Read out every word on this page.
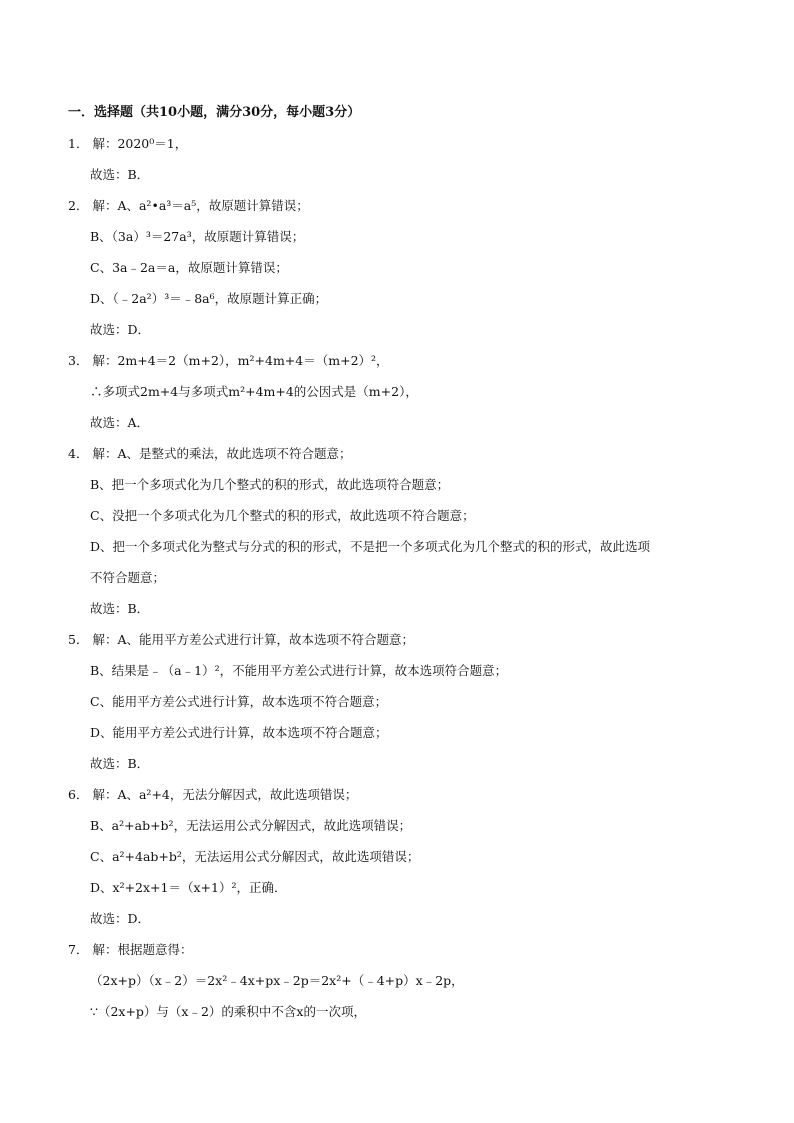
一．选择题（共10小题，满分30分，每小题3分）
1． 解：2020⁰＝1，
故选：B．
2． 解：A、a²•a³＝a⁵，故原题计算错误；
B、（3a）³＝27a³，故原题计算错误；
C、3a﹣2a＝a，故原题计算错误；
D、（﹣2a²）³＝﹣8a⁶，故原题计算正确；
故选：D．
3． 解：2m+4＝2（m+2），m²+4m+4＝（m+2）²，
∴多项式2m+4与多项式m²+4m+4的公因式是（m+2），
故选：A．
4． 解：A、是整式的乘法，故此选项不符合题意；
B、把一个多项式化为几个整式的积的形式，故此选项符合题意；
C、没把一个多项式化为几个整式的积的形式，故此选项不符合题意；
D、把一个多项式化为整式与分式的积的形式，不是把一个多项式化为几个整式的积的形式，故此选项
不符合题意；
故选：B．
5． 解：A、能用平方差公式进行计算，故本选项不符合题意；
B、结果是﹣（a﹣1）²，不能用平方差公式进行计算，故本选项符合题意；
C、能用平方差公式进行计算，故本选项不符合题意；
D、能用平方差公式进行计算，故本选项不符合题意；
故选：B．
6． 解：A、a²+4，无法分解因式，故此选项错误；
B、a²+ab+b²，无法运用公式分解因式，故此选项错误；
C、a²+4ab+b²，无法运用公式分解因式，故此选项错误；
D、x²+2x+1＝（x+1）²，正确．
故选：D．
7． 解：根据题意得：
（2x+p）（x﹣2）＝2x²﹣4x+px﹣2p＝2x²+（﹣4+p）x﹣2p，
∵（2x+p）与（x﹣2）的乘积中不含x的一次项，
